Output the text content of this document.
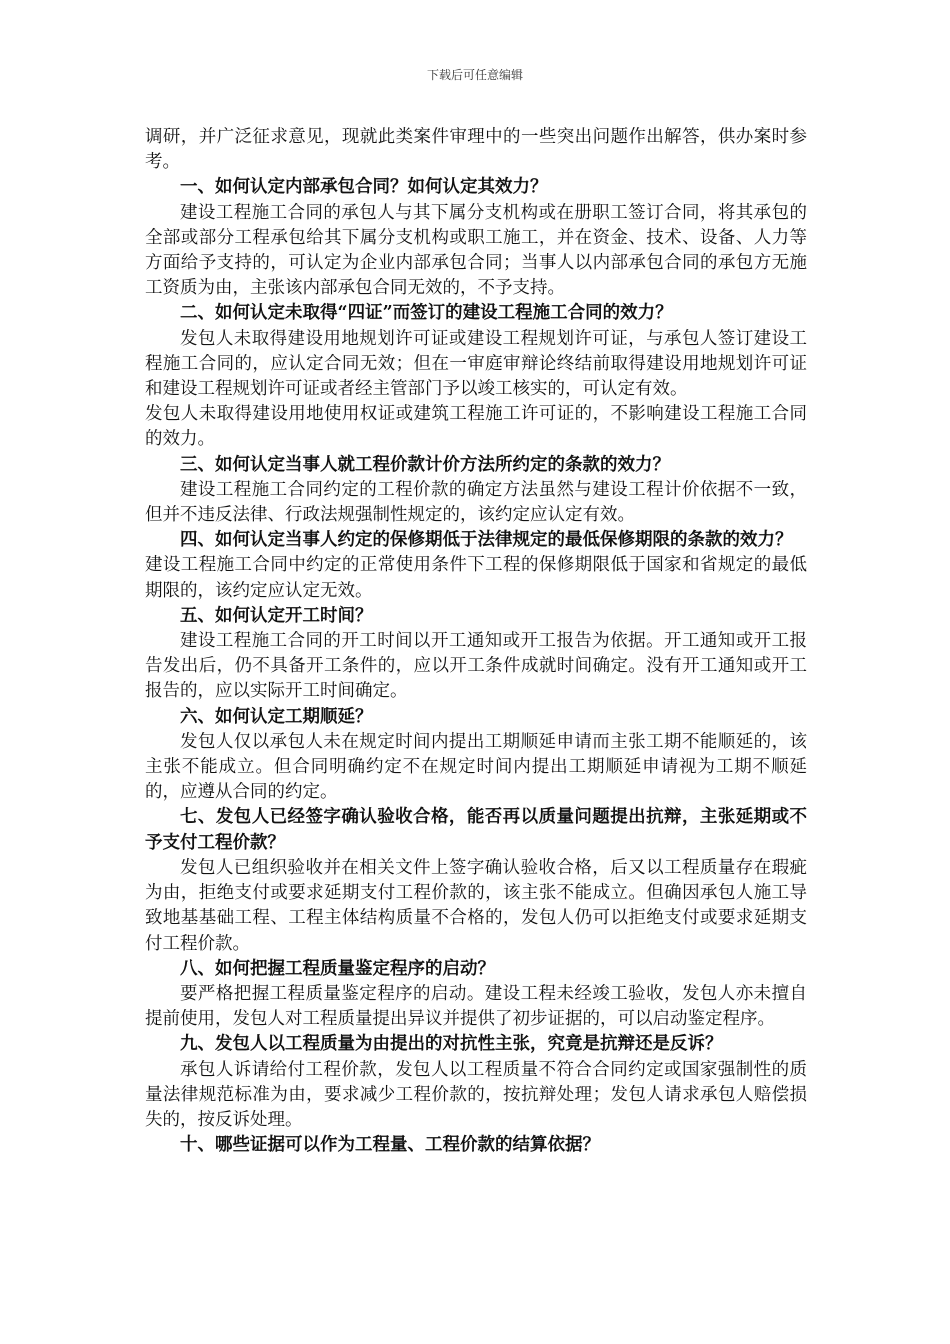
下载后可任意编辑

调研，并广泛征求意见，现就此类案件审理中的一些突出问题作出解答，供办案时参考。

一、如何认定内部承包合同？如何认定其效力？

建设工程施工合同的承包人与其下属分支机构或在册职工签订合同，将其承包的全部或部分工程承包给其下属分支机构或职工施工，并在资金、技术、设备、人力等方面给予支持的，可认定为企业内部承包合同；当事人以内部承包合同的承包方无施工资质为由，主张该内部承包合同无效的，不予支持。

二、如何认定未取得“四证”而签订的建设工程施工合同的效力？

发包人未取得建设用地规划许可证或建设工程规划许可证，与承包人签订建设工程施工合同的，应认定合同无效；但在一审庭审辩论终结前取得建设用地规划许可证和建设工程规划许可证或者经主管部门予以竣工核实的，可认定有效。

发包人未取得建设用地使用权证或建筑工程施工许可证的，不影响建设工程施工合同的效力。

三、如何认定当事人就工程价款计价方法所约定的条款的效力？

建设工程施工合同约定的工程价款的确定方法虽然与建设工程计价依据不一致，但并不违反法律、行政法规强制性规定的，该约定应认定有效。

四、如何认定当事人约定的保修期低于法律规定的最低保修期限的条款的效力？

建设工程施工合同中约定的正常使用条件下工程的保修期限低于国家和省规定的最低期限的，该约定应认定无效。

五、如何认定开工时间？

建设工程施工合同的开工时间以开工通知或开工报告为依据。开工通知或开工报告发出后，仍不具备开工条件的，应以开工条件成就时间确定。没有开工通知或开工报告的，应以实际开工时间确定。

六、如何认定工期顺延？

发包人仅以承包人未在规定时间内提出工期顺延申请而主张工期不能顺延的，该主张不能成立。但合同明确约定不在规定时间内提出工期顺延申请视为工期不顺延的，应遵从合同的约定。

七、发包人已经签字确认验收合格，能否再以质量问题提出抗辩，主张延期或不予支付工程价款？

发包人已组织验收并在相关文件上签字确认验收合格，后又以工程质量存在瑕疵为由，拒绝支付或要求延期支付工程价款的，该主张不能成立。但确因承包人施工导致地基基础工程、工程主体结构质量不合格的，发包人仍可以拒绝支付或要求延期支付工程价款。

八、如何把握工程质量鉴定程序的启动？

要严格把握工程质量鉴定程序的启动。建设工程未经竣工验收，发包人亦未擅自提前使用，发包人对工程质量提出异议并提供了初步证据的，可以启动鉴定程序。

九、发包人以工程质量为由提出的对抗性主张，究竟是抗辩还是反诉？

承包人诉请给付工程价款，发包人以工程质量不符合合同约定或国家强制性的质量法律规范标准为由，要求减少工程价款的，按抗辩处理；发包人请求承包人赔偿损失的，按反诉处理。

十、哪些证据可以作为工程量、工程价款的结算依据？
